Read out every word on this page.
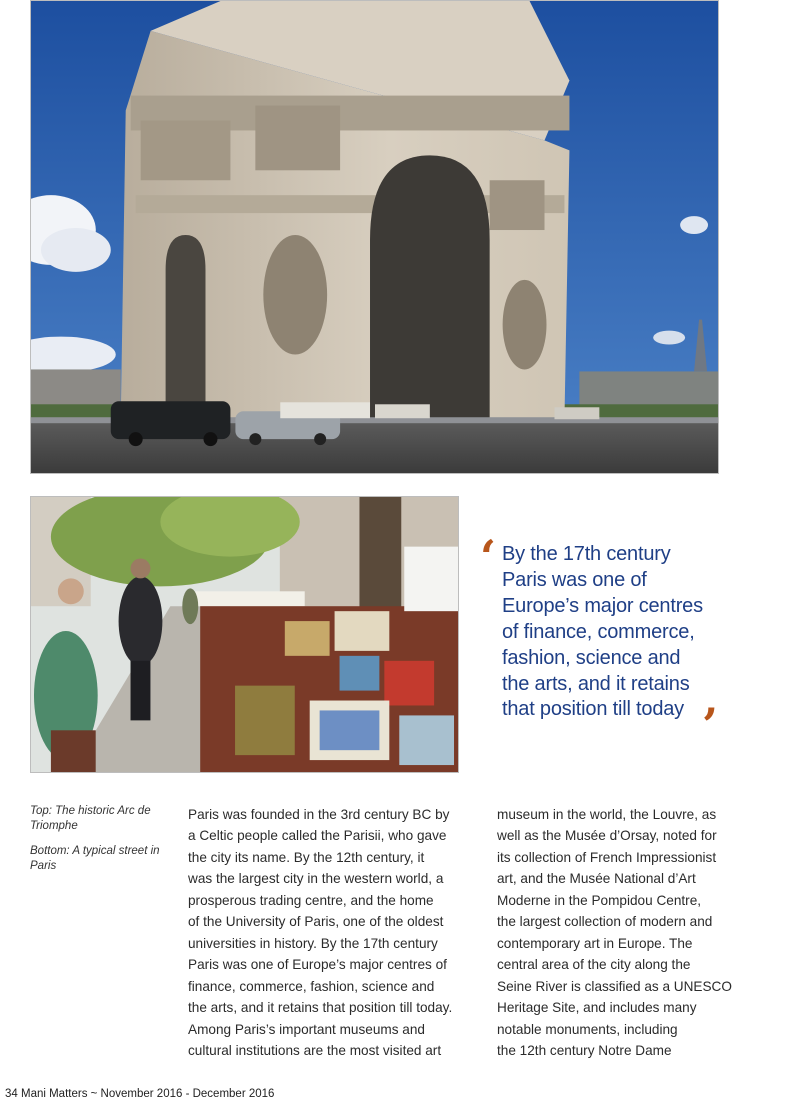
‘ By the 17th century
Paris was one of
Europe’s major centres
of finance, commerce,
fashion, science and
the arts, and it retains
that position till today ’
Top: The historic Arc de Triomphe
Bottom: A typical street in Paris
Paris was founded in the 3rd century BC by
a Celtic people called the Parisii, who gave
the city its name. By the 12th century, it
was the largest city in the western world, a
prosperous trading centre, and the home
of the University of Paris, one of the oldest
universities in history. By the 17th century
Paris was one of Europe’s major centres of
finance, commerce, fashion, science and
the arts, and it retains that position till today.
Among Paris’s important museums and
cultural institutions are the most visited art
museum in the world, the Louvre, as
well as the Musée d’Orsay, noted for
its collection of French Impressionist
art, and the Musée National d’Art
Moderne in the Pompidou Centre,
the largest collection of modern and
contemporary art in Europe. The
central area of the city along the
Seine River is classified as a UNESCO
Heritage Site, and includes many
notable monuments, including
the 12th century Notre Dame
34 Mani Matters ~ November 2016 - December 2016
